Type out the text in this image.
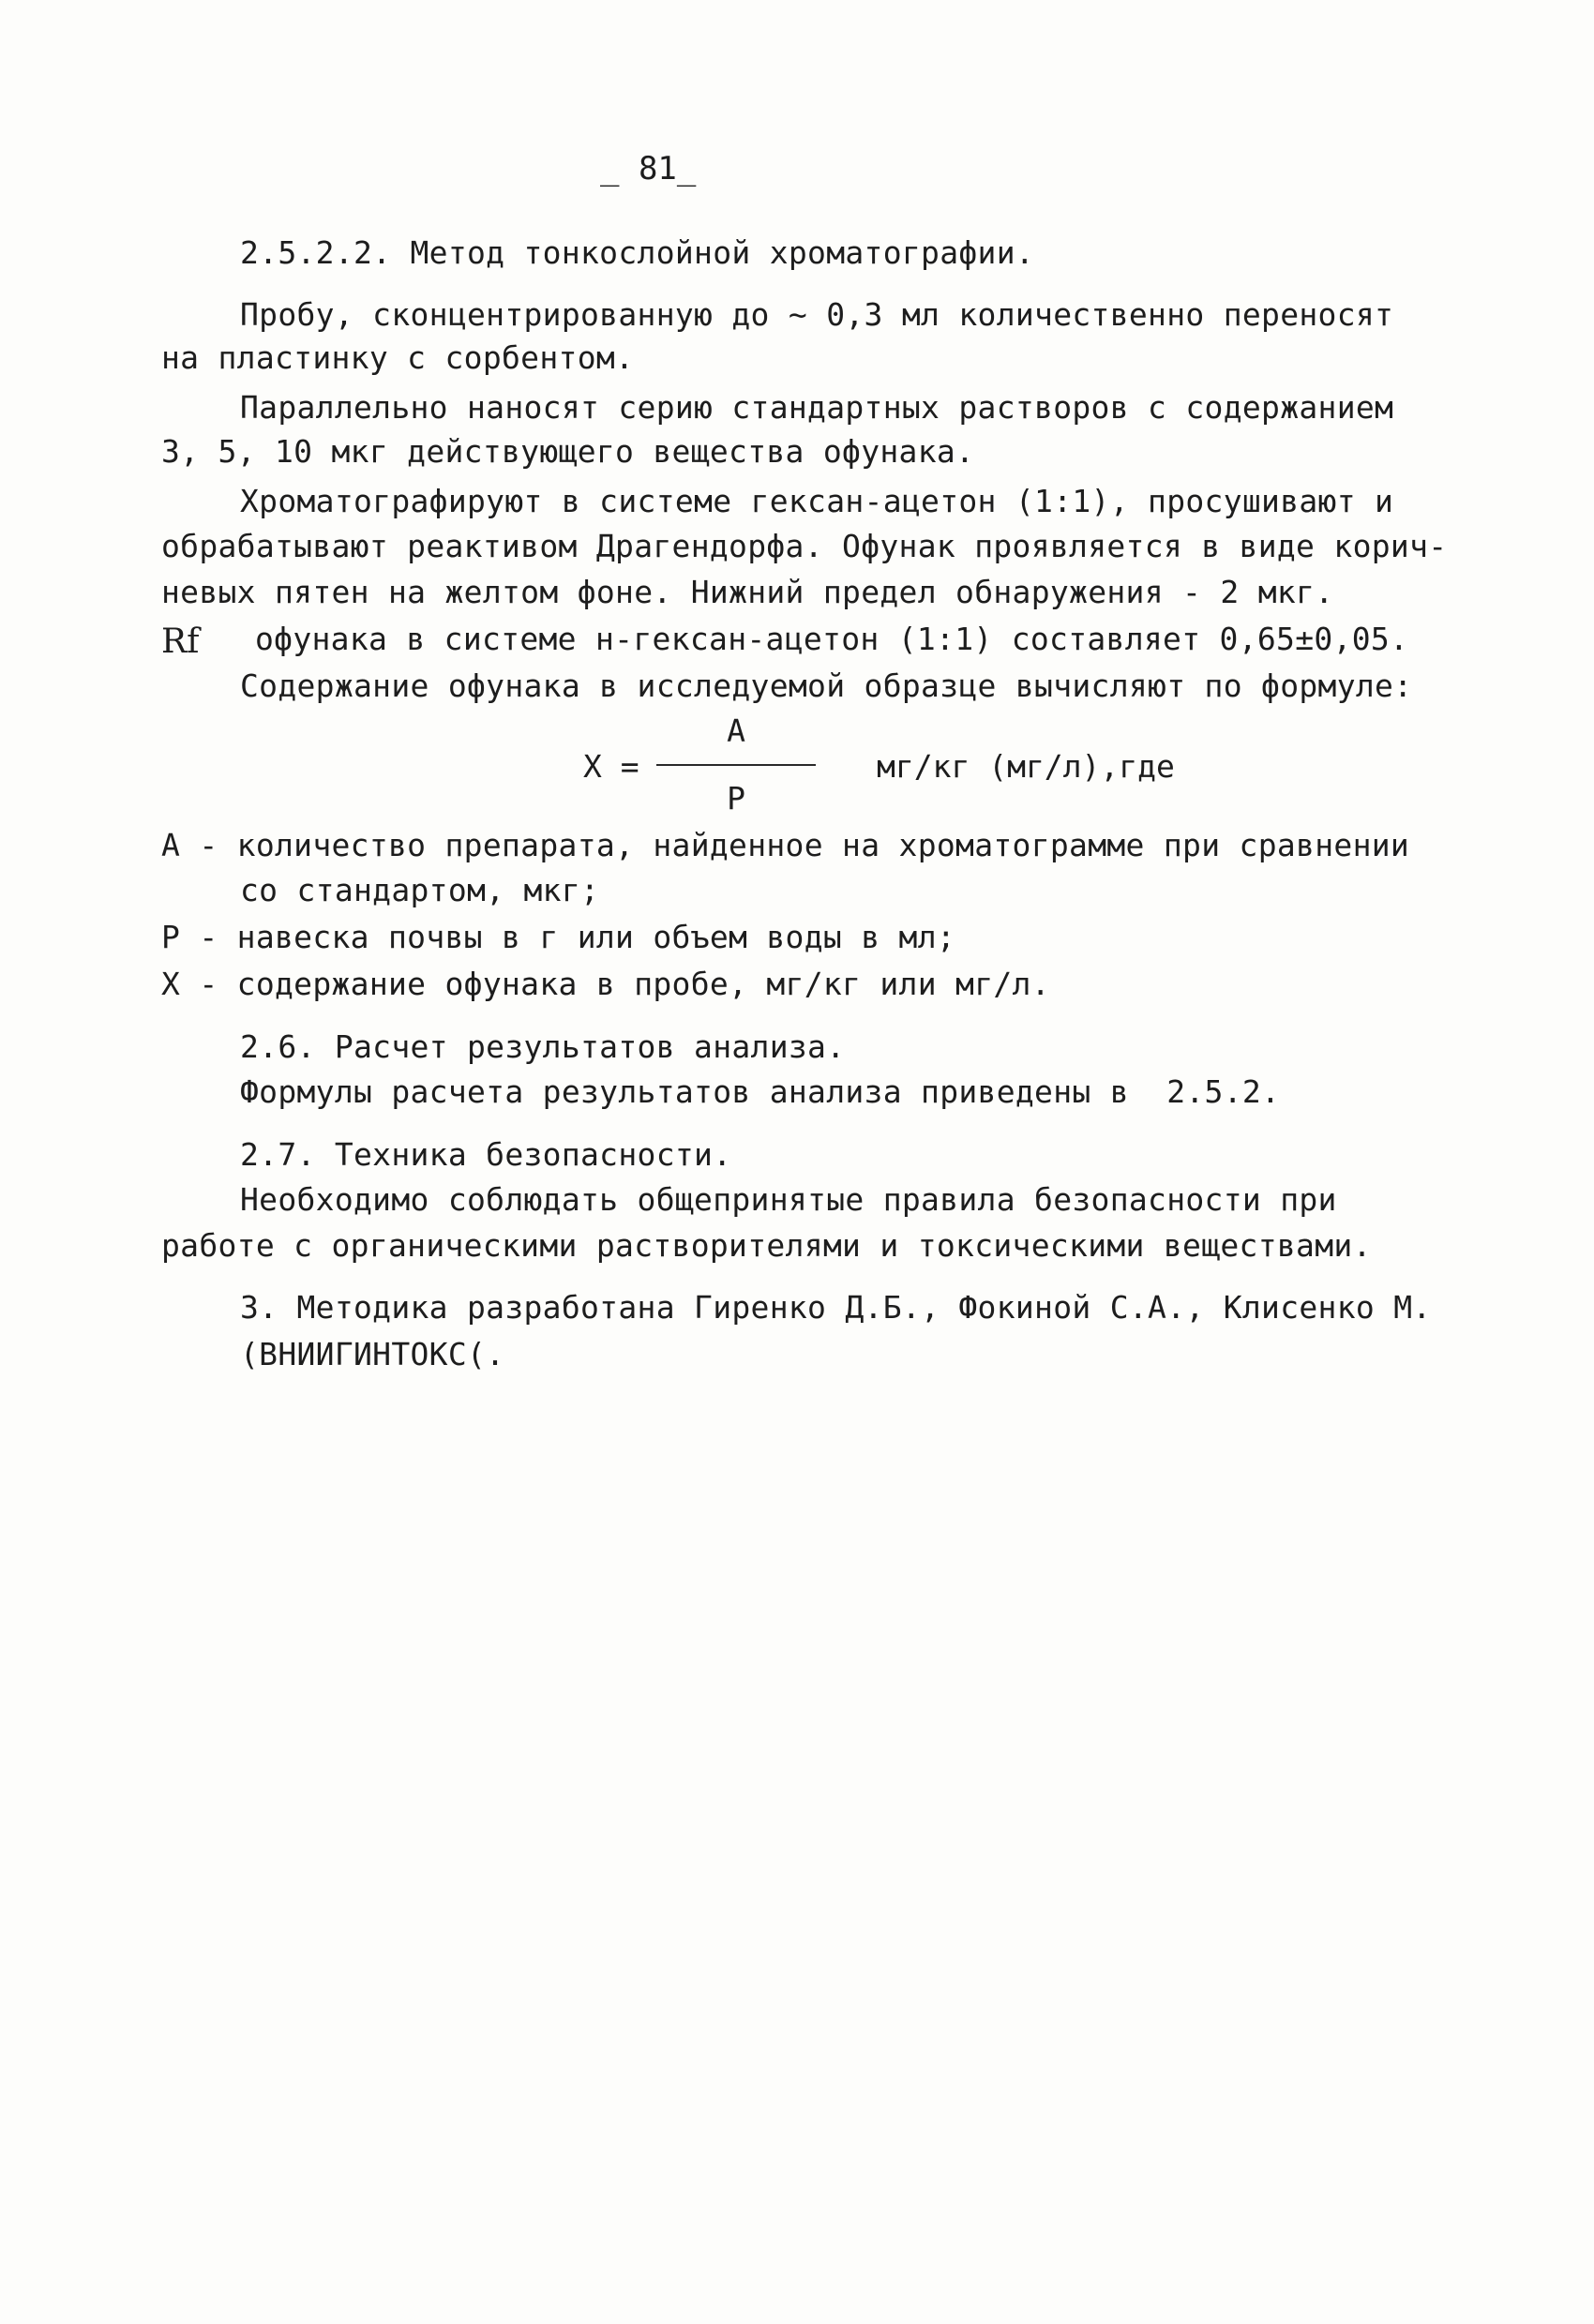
_ 81_
2.5.2.2. Метод тонкослойной хроматографии.
Пробу, сконцентрированную до ~ 0,3 мл количественно переносят
на пластинку с сорбентом.
Параллельно наносят серию стандартных растворов с содержанием
3, 5, 10 мкг действующего вещества офунака.
Хроматографируют в системе гексан-ацетон (1:1), просушивают и
обрабатывают реактивом Драгендорфа. Офунак проявляется в виде корич-
невых пятен на желтом фоне. Нижний предел обнаружения - 2 мкг.
Rf офунака в системе н-гексан-ацетон (1:1) составляет 0,65±0,05.
Содержание офунака в исследуемой образце вычисляют по формуле:
Х =
А
Р
мг/кг (мг/л),где
А - количество препарата, найденное на хроматограмме при сравнении
со стандартом, мкг;
Р - навеска почвы в г или объем воды в мл;
Х - содержание офунака в пробе, мг/кг или мг/л.
2.6. Расчет результатов анализа.
Формулы расчета результатов анализа приведены в  2.5.2.
2.7. Техника безопасности.
Необходимо соблюдать общепринятые правила безопасности при
работе с органическими растворителями и токсическими веществами.
3. Методика разработана Гиренко Д.Б., Фокиной С.А., Клисенко М.
(ВНИИГИНТОКС(.
